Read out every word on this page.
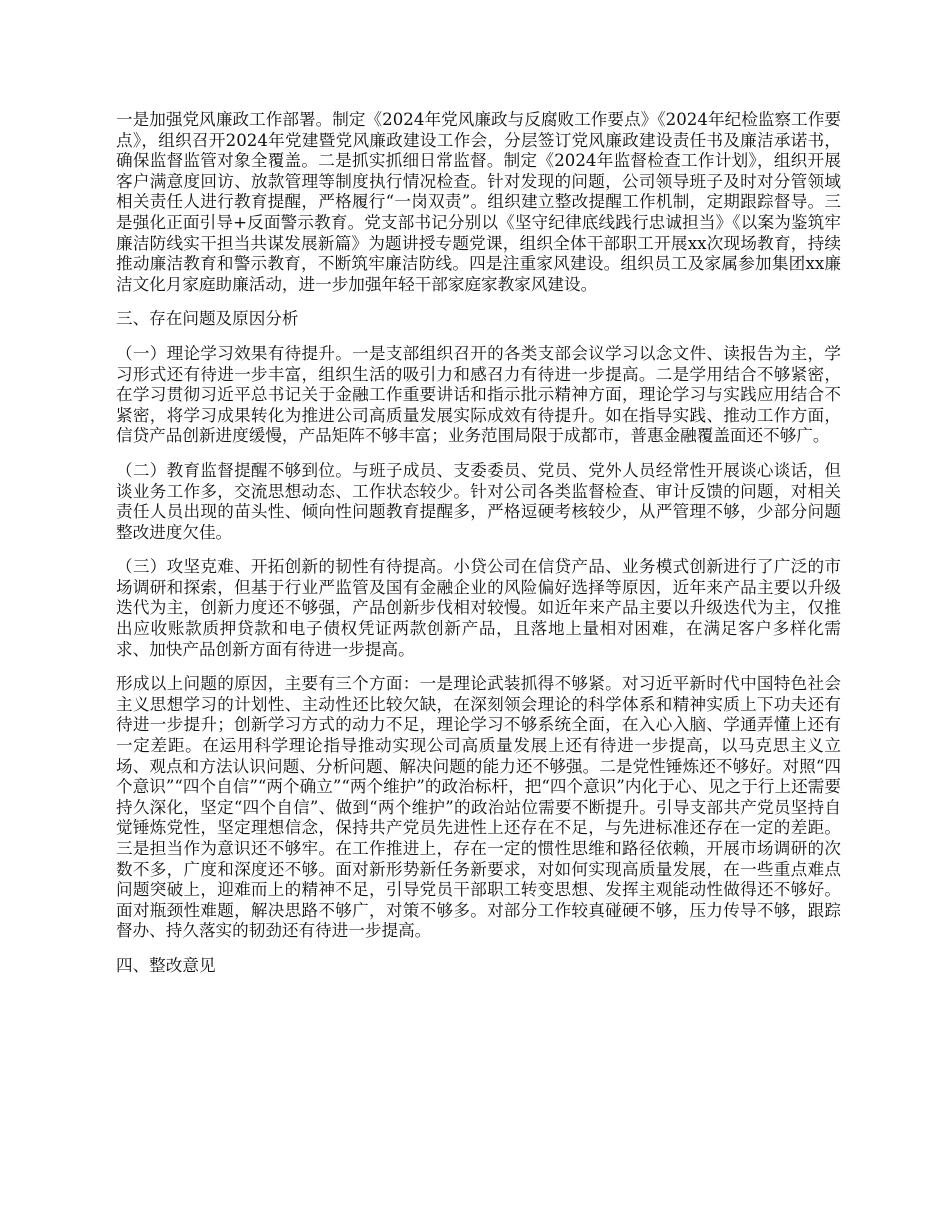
一是加强党风廉政工作部署。制定《2024年党风廉政与反腐败工作要点》《2024年纪检监察工作要点》，组织召开2024年党建暨党风廉政建设工作会，分层签订党风廉政建设责任书及廉洁承诺书，确保监督监管对象全覆盖。二是抓实抓细日常监督。制定《2024年监督检查工作计划》，组织开展客户满意度回访、放款管理等制度执行情况检查。针对发现的问题，公司领导班子及时对分管领域相关责任人进行教育提醒，严格履行“一岗双责”。组织建立整改提醒工作机制，定期跟踪督导。三是强化正面引导+反面警示教育。党支部书记分别以《坚守纪律底线践行忠诚担当》《以案为鉴筑牢廉洁防线实干担当共谋发展新篇》为题讲授专题党课，组织全体干部职工开展xx次现场教育，持续推动廉洁教育和警示教育，不断筑牢廉洁防线。四是注重家风建设。组织员工及家属参加集团xx廉洁文化月家庭助廉活动，进一步加强年轻干部家庭家教家风建设。

三、存在问题及原因分析

（一）理论学习效果有待提升。一是支部组织召开的各类支部会议学习以念文件、读报告为主，学习形式还有待进一步丰富，组织生活的吸引力和感召力有待进一步提高。二是学用结合不够紧密，在学习贯彻习近平总书记关于金融工作重要讲话和指示批示精神方面，理论学习与实践应用结合不紧密，将学习成果转化为推进公司高质量发展实际成效有待提升。如在指导实践、推动工作方面，信贷产品创新进度缓慢，产品矩阵不够丰富；业务范围局限于成都市，普惠金融覆盖面还不够广。

（二）教育监督提醒不够到位。与班子成员、支委委员、党员、党外人员经常性开展谈心谈话，但谈业务工作多，交流思想动态、工作状态较少。针对公司各类监督检查、审计反馈的问题，对相关责任人员出现的苗头性、倾向性问题教育提醒多，严格逗硬考核较少，从严管理不够，少部分问题整改进度欠佳。

（三）攻坚克难、开拓创新的韧性有待提高。小贷公司在信贷产品、业务模式创新进行了广泛的市场调研和探索，但基于行业严监管及国有金融企业的风险偏好选择等原因，近年来产品主要以升级迭代为主，创新力度还不够强，产品创新步伐相对较慢。如近年来产品主要以升级迭代为主，仅推出应收账款质押贷款和电子债权凭证两款创新产品，且落地上量相对困难，在满足客户多样化需求、加快产品创新方面有待进一步提高。

形成以上问题的原因，主要有三个方面：一是理论武装抓得不够紧。对习近平新时代中国特色社会主义思想学习的计划性、主动性还比较欠缺，在深刻领会理论的科学体系和精神实质上下功夫还有待进一步提升；创新学习方式的动力不足，理论学习不够系统全面，在入心入脑、学通弄懂上还有一定差距。在运用科学理论指导推动实现公司高质量发展上还有待进一步提高，以马克思主义立场、观点和方法认识问题、分析问题、解决问题的能力还不够强。二是党性锤炼还不够好。对照“四个意识”“四个自信”“两个确立”“两个维护”的政治标杆，把“四个意识”内化于心、见之于行上还需要持久深化，坚定“四个自信”、做到“两个维护”的政治站位需要不断提升。引导支部共产党员坚持自觉锤炼党性，坚定理想信念，保持共产党员先进性上还存在不足，与先进标准还存在一定的差距。三是担当作为意识还不够牢。在工作推进上，存在一定的惯性思维和路径依赖，开展市场调研的次数不多，广度和深度还不够。面对新形势新任务新要求，对如何实现高质量发展，在一些重点难点问题突破上，迎难而上的精神不足，引导党员干部职工转变思想、发挥主观能动性做得还不够好。面对瓶颈性难题，解决思路不够广，对策不够多。对部分工作较真碰硬不够，压力传导不够，跟踪督办、持久落实的韧劲还有待进一步提高。

四、整改意见
